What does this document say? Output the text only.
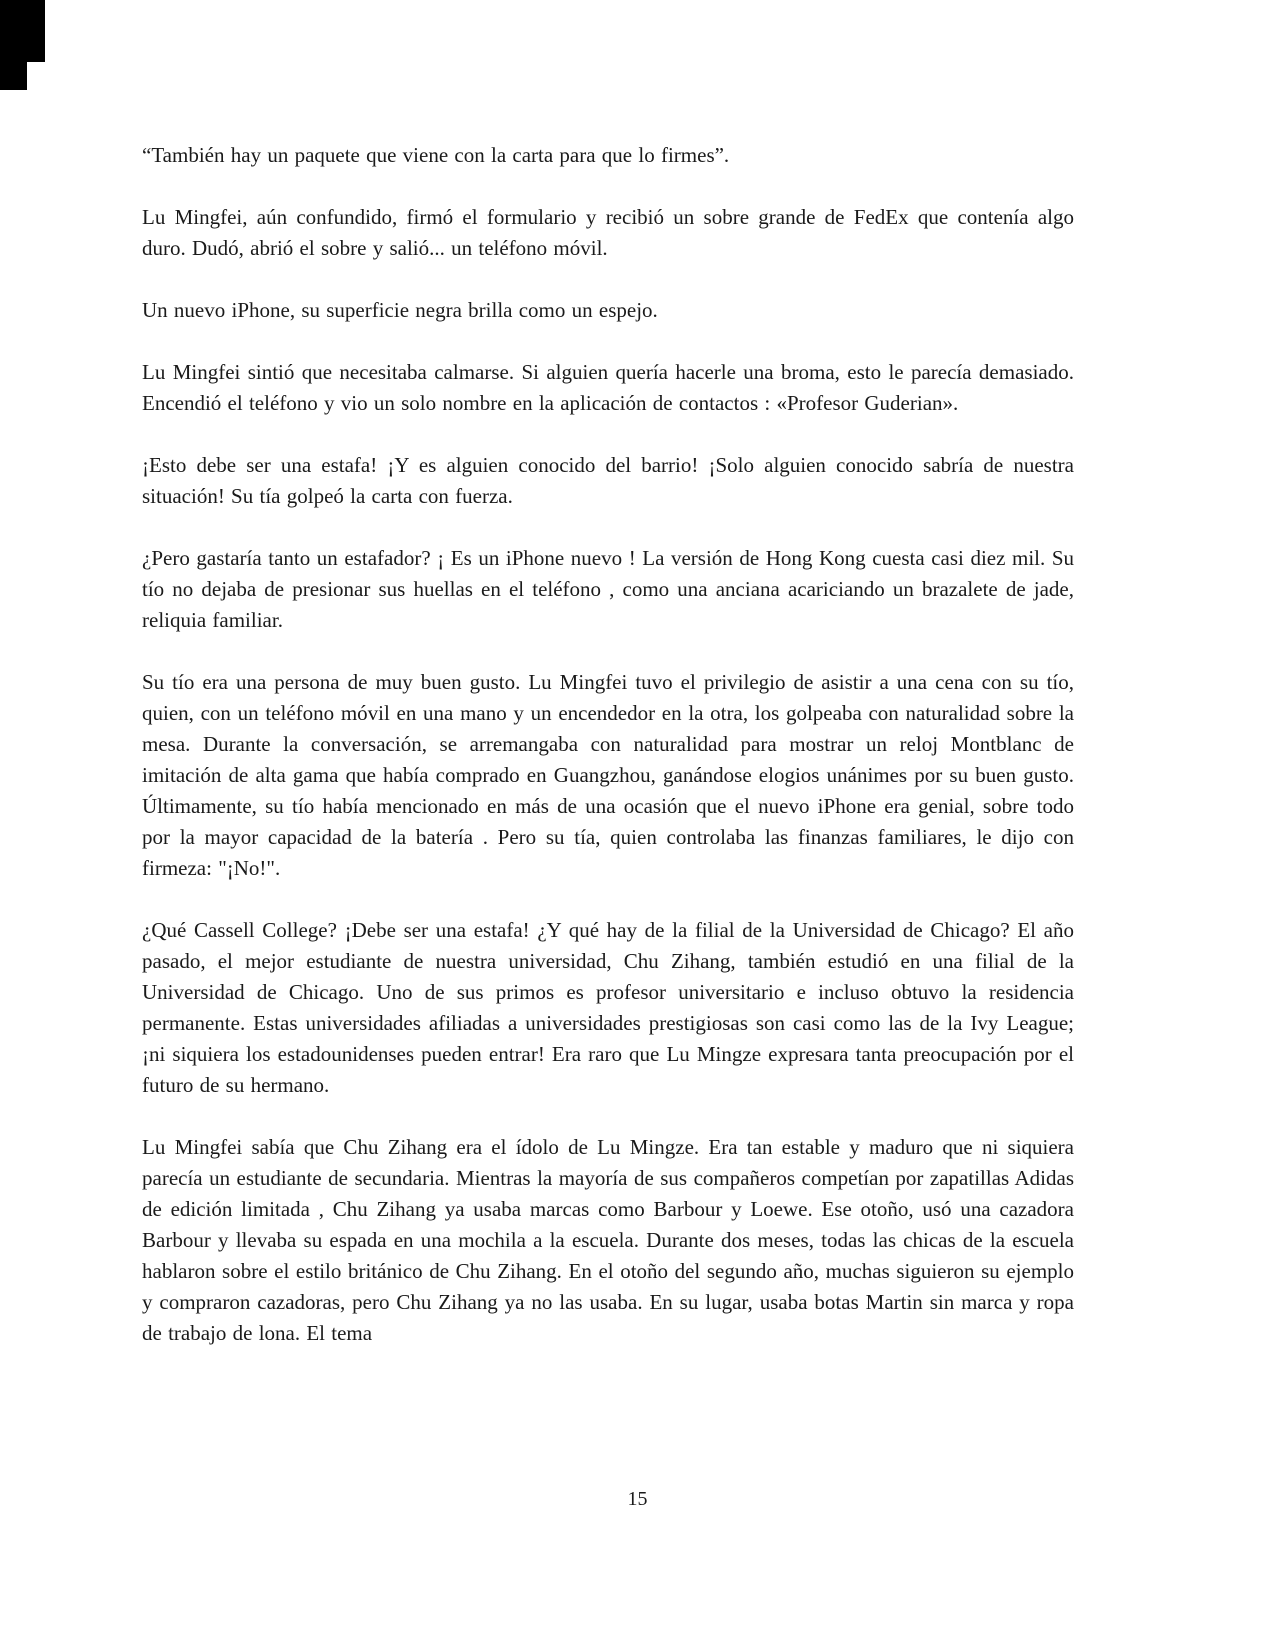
“También hay un paquete que viene con la carta para que lo firmes”.

Lu Mingfei, aún confundido, firmó el formulario y recibió un sobre grande de FedEx que contenía algo duro. Dudó, abrió el sobre y salió... un teléfono móvil.

Un nuevo iPhone, su superficie negra brilla como un espejo.

Lu Mingfei sintió que necesitaba calmarse. Si alguien quería hacerle una broma, esto le parecía demasiado. Encendió el teléfono y vio un solo nombre en la aplicación de contactos : «Profesor Guderian».

¡Esto debe ser una estafa! ¡Y es alguien conocido del barrio! ¡Solo alguien conocido sabría de nuestra situación! Su tía golpeó la carta con fuerza.

¿Pero gastaría tanto un estafador? ¡ Es un iPhone nuevo ! La versión de Hong Kong cuesta casi diez mil. Su tío no dejaba de presionar sus huellas en el teléfono , como una anciana acariciando un brazalete de jade, reliquia familiar.

Su tío era una persona de muy buen gusto. Lu Mingfei tuvo el privilegio de asistir a una cena con su tío, quien, con un teléfono móvil en una mano y un encendedor en la otra, los golpeaba con naturalidad sobre la mesa. Durante la conversación, se arremangaba con naturalidad para mostrar un reloj Montblanc de imitación de alta gama que había comprado en Guangzhou, ganándose elogios unánimes por su buen gusto. Últimamente, su tío había mencionado en más de una ocasión que el nuevo iPhone era genial, sobre todo por la mayor capacidad de la batería . Pero su tía, quien controlaba las finanzas familiares, le dijo con firmeza: "¡No!".

¿Qué Cassell College? ¡Debe ser una estafa! ¿Y qué hay de la filial de la Universidad de Chicago? El año pasado, el mejor estudiante de nuestra universidad, Chu Zihang, también estudió en una filial de la Universidad de Chicago. Uno de sus primos es profesor universitario e incluso obtuvo la residencia permanente. Estas universidades afiliadas a universidades prestigiosas son casi como las de la Ivy League; ¡ni siquiera los estadounidenses pueden entrar! Era raro que Lu Mingze expresara tanta preocupación por el futuro de su hermano.

Lu Mingfei sabía que Chu Zihang era el ídolo de Lu Mingze. Era tan estable y maduro que ni siquiera parecía un estudiante de secundaria. Mientras la mayoría de sus compañeros competían por zapatillas Adidas de edición limitada , Chu Zihang ya usaba marcas como Barbour y Loewe. Ese otoño, usó una cazadora Barbour y llevaba su espada en una mochila a la escuela. Durante dos meses, todas las chicas de la escuela hablaron sobre el estilo británico de Chu Zihang. En el otoño del segundo año, muchas siguieron su ejemplo y compraron cazadoras, pero Chu Zihang ya no las usaba. En su lugar, usaba botas Martin sin marca y ropa de trabajo de lona. El tema

15
